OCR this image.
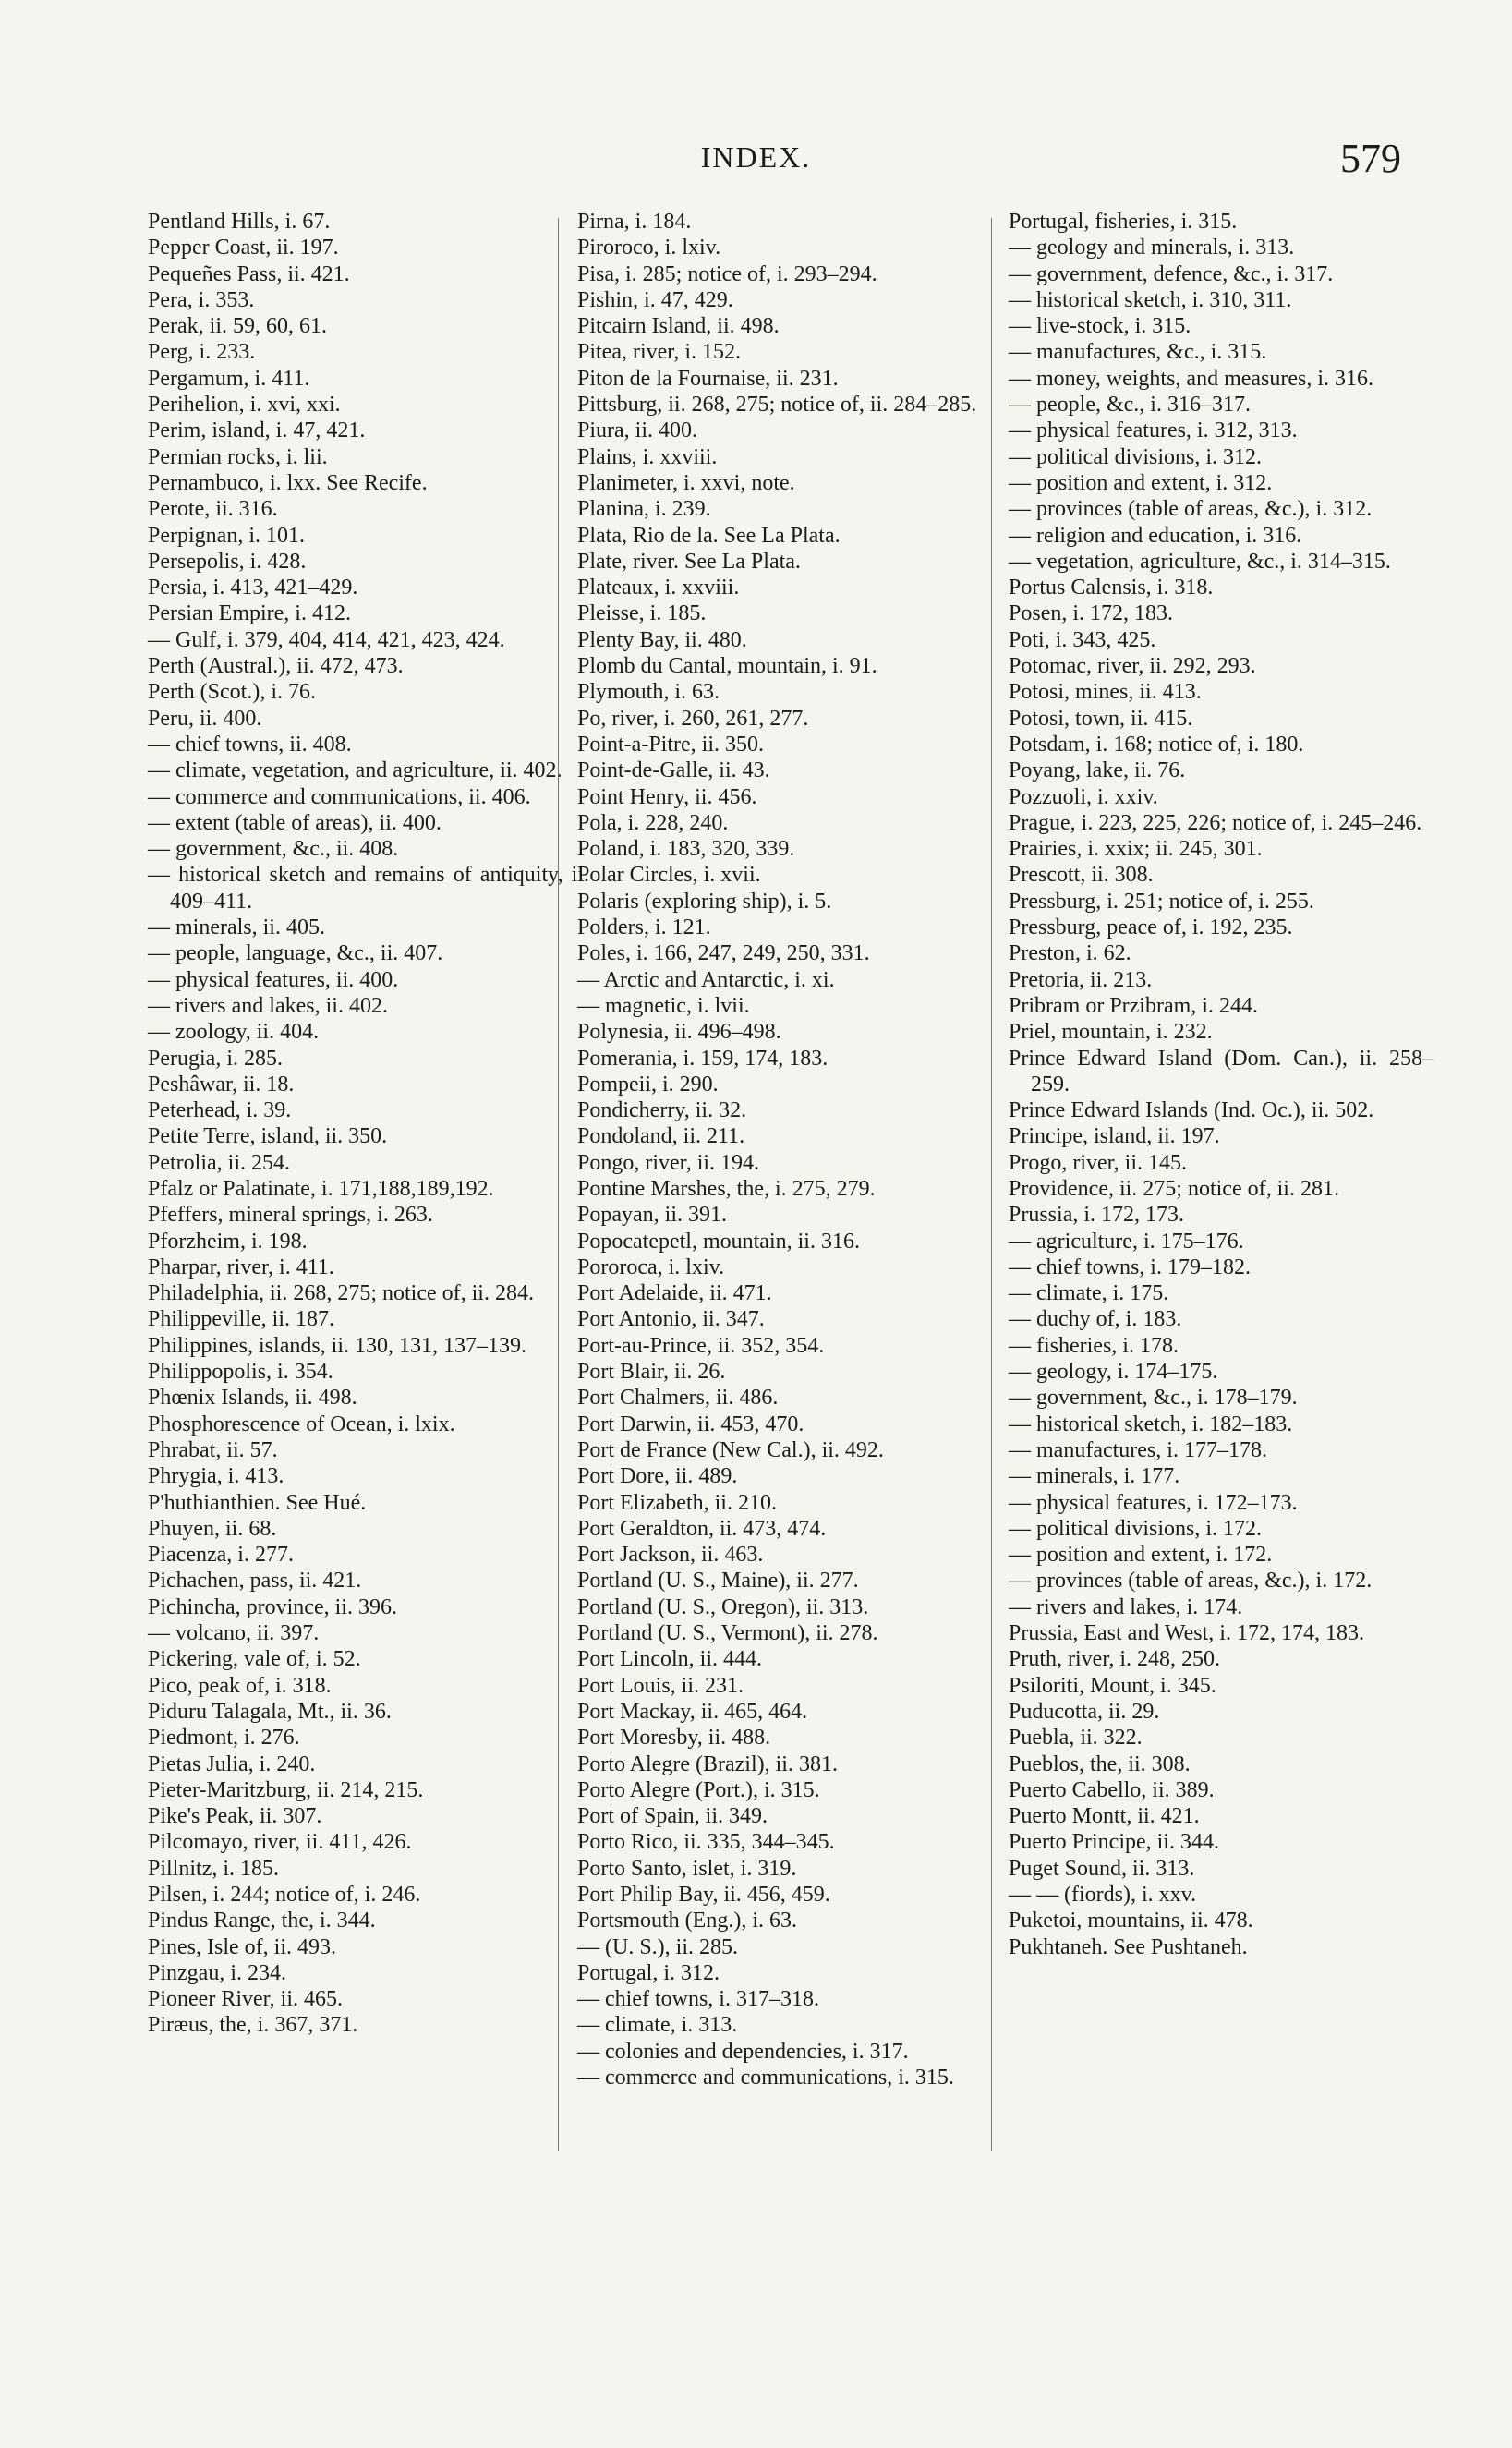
INDEX.	579
Pentland Hills, i. 67.
Pepper Coast, ii. 197.
Pequeñes Pass, ii. 421.
Pera, i. 353.
Perak, ii. 59, 60, 61.
Perg, i. 233.
Pergamum, i. 411.
Perihelion, i. xvi, xxi.
Perim, island, i. 47, 421.
Permian rocks, i. lii.
Pernambuco, i. lxx. See Recife.
Perote, ii. 316.
Perpignan, i. 101.
Persepolis, i. 428.
Persia, i. 413, 421–429.
Persian Empire, i. 412.
— Gulf, i. 379, 404, 414, 421, 423, 424.
Perth (Austral.), ii. 472, 473.
Perth (Scot.), i. 76.
Peru, ii. 400.
— chief towns, ii. 408.
— climate, vegetation, and agriculture, ii. 402.
— commerce and communications, ii. 406.
— extent (table of areas), ii. 400.
— government, &c., ii. 408.
— historical sketch and remains of antiquity, ii. 409–411.
— minerals, ii. 405.
— people, language, &c., ii. 407.
— physical features, ii. 400.
— rivers and lakes, ii. 402.
— zoology, ii. 404.
Perugia, i. 285.
Peshâwar, ii. 18.
Peterhead, i. 39.
Petite Terre, island, ii. 350.
Petrolia, ii. 254.
Pfalz or Palatinate, i. 171,188,189,192.
Pfeffers, mineral springs, i. 263.
Pforzheim, i. 198.
Pharpar, river, i. 411.
Philadelphia, ii. 268, 275; notice of, ii. 284.
Philippeville, ii. 187.
Philippines, islands, ii. 130, 131, 137–139.
Philippopolis, i. 354.
Phœnix Islands, ii. 498.
Phosphorescence of Ocean, i. lxix.
Phrabat, ii. 57.
Phrygia, i. 413.
P'huthianthien. See Hué.
Phuyen, ii. 68.
Piacenza, i. 277.
Pichachen, pass, ii. 421.
Pichincha, province, ii. 396.
— volcano, ii. 397.
Pickering, vale of, i. 52.
Pico, peak of, i. 318.
Piduru Talagala, Mt., ii. 36.
Piedmont, i. 276.
Pietas Julia, i. 240.
Pieter-Maritzburg, ii. 214, 215.
Pike's Peak, ii. 307.
Pilcomayo, river, ii. 411, 426.
Pillnitz, i. 185.
Pilsen, i. 244; notice of, i. 246.
Pindus Range, the, i. 344.
Pines, Isle of, ii. 493.
Pinzgau, i. 234.
Pioneer River, ii. 465.
Piræus, the, i. 367, 371.
Pirna, i. 184.
Piroroco, i. lxiv.
Pisa, i. 285; notice of, i. 293–294.
Pishin, i. 47, 429.
Pitcairn Island, ii. 498.
Pitea, river, i. 152.
Piton de la Fournaise, ii. 231.
Pittsburg, ii. 268, 275; notice of, ii. 284–285.
Piura, ii. 400.
Plains, i. xxviii.
Planimeter, i. xxvi, note.
Planina, i. 239.
Plata, Rio de la. See La Plata.
Plate, river. See La Plata.
Plateaux, i. xxviii.
Pleisse, i. 185.
Plenty Bay, ii. 480.
Plomb du Cantal, mountain, i. 91.
Plymouth, i. 63.
Po, river, i. 260, 261, 277.
Point-a-Pitre, ii. 350.
Point-de-Galle, ii. 43.
Point Henry, ii. 456.
Pola, i. 228, 240.
Poland, i. 183, 320, 339.
Polar Circles, i. xvii.
Polaris (exploring ship), i. 5.
Polders, i. 121.
Poles, i. 166, 247, 249, 250, 331.
— Arctic and Antarctic, i. xi.
— magnetic, i. lvii.
Polynesia, ii. 496–498.
Pomerania, i. 159, 174, 183.
Pompeii, i. 290.
Pondicherry, ii. 32.
Pondoland, ii. 211.
Pongo, river, ii. 194.
Pontine Marshes, the, i. 275, 279.
Popayan, ii. 391.
Popocatepetl, mountain, ii. 316.
Pororoca, i. lxiv.
Port Adelaide, ii. 471.
Port Antonio, ii. 347.
Port-au-Prince, ii. 352, 354.
Port Blair, ii. 26.
Port Chalmers, ii. 486.
Port Darwin, ii. 453, 470.
Port de France (New Cal.), ii. 492.
Port Dore, ii. 489.
Port Elizabeth, ii. 210.
Port Geraldton, ii. 473, 474.
Port Jackson, ii. 463.
Portland (U. S., Maine), ii. 277.
Portland (U. S., Oregon), ii. 313.
Portland (U. S., Vermont), ii. 278.
Port Lincoln, ii. 444.
Port Louis, ii. 231.
Port Mackay, ii. 465, 464.
Port Moresby, ii. 488.
Porto Alegre (Brazil), ii. 381.
Porto Alegre (Port.), i. 315.
Port of Spain, ii. 349.
Porto Rico, ii. 335, 344–345.
Porto Santo, islet, i. 319.
Port Philip Bay, ii. 456, 459.
Portsmouth (Eng.), i. 63.
— (U. S.), ii. 285.
Portugal, i. 312.
— chief towns, i. 317–318.
— climate, i. 313.
— colonies and dependencies, i. 317.
— commerce and communications, i. 315.
Portugal, fisheries, i. 315.
— geology and minerals, i. 313.
— government, defence, &c., i. 317.
— historical sketch, i. 310, 311.
— live-stock, i. 315.
— manufactures, &c., i. 315.
— money, weights, and measures, i. 316.
— people, &c., i. 316–317.
— physical features, i. 312, 313.
— political divisions, i. 312.
— position and extent, i. 312.
— provinces (table of areas, &c.), i. 312.
— religion and education, i. 316.
— vegetation, agriculture, &c., i. 314–315.
Portus Calensis, i. 318.
Posen, i. 172, 183.
Poti, i. 343, 425.
Potomac, river, ii. 292, 293.
Potosi, mines, ii. 413.
Potosi, town, ii. 415.
Potsdam, i. 168; notice of, i. 180.
Poyang, lake, ii. 76.
Pozzuoli, i. xxiv.
Prague, i. 223, 225, 226; notice of, i. 245–246.
Prairies, i. xxix; ii. 245, 301.
Prescott, ii. 308.
Pressburg, i. 251; notice of, i. 255.
Pressburg, peace of, i. 192, 235.
Preston, i. 62.
Pretoria, ii. 213.
Pribram or Przibram, i. 244.
Priel, mountain, i. 232.
Prince Edward Island (Dom. Can.), ii. 258–259.
Prince Edward Islands (Ind. Oc.), ii. 502.
Principe, island, ii. 197.
Progo, river, ii. 145.
Providence, ii. 275; notice of, ii. 281.
Prussia, i. 172, 173.
— agriculture, i. 175–176.
— chief towns, i. 179–182.
— climate, i. 175.
— duchy of, i. 183.
— fisheries, i. 178.
— geology, i. 174–175.
— government, &c., i. 178–179.
— historical sketch, i. 182–183.
— manufactures, i. 177–178.
— minerals, i. 177.
— physical features, i. 172–173.
— political divisions, i. 172.
— position and extent, i. 172.
— provinces (table of areas, &c.), i. 172.
— rivers and lakes, i. 174.
Prussia, East and West, i. 172, 174, 183.
Pruth, river, i. 248, 250.
Psiloriti, Mount, i. 345.
Puducotta, ii. 29.
Puebla, ii. 322.
Pueblos, the, ii. 308.
Puerto Cabello, ii. 389.
Puerto Montt, ii. 421.
Puerto Principe, ii. 344.
Puget Sound, ii. 313.
— — (fiords), i. xxv.
Puketoi, mountains, ii. 478.
Pukhtaneh. See Pushtaneh.
